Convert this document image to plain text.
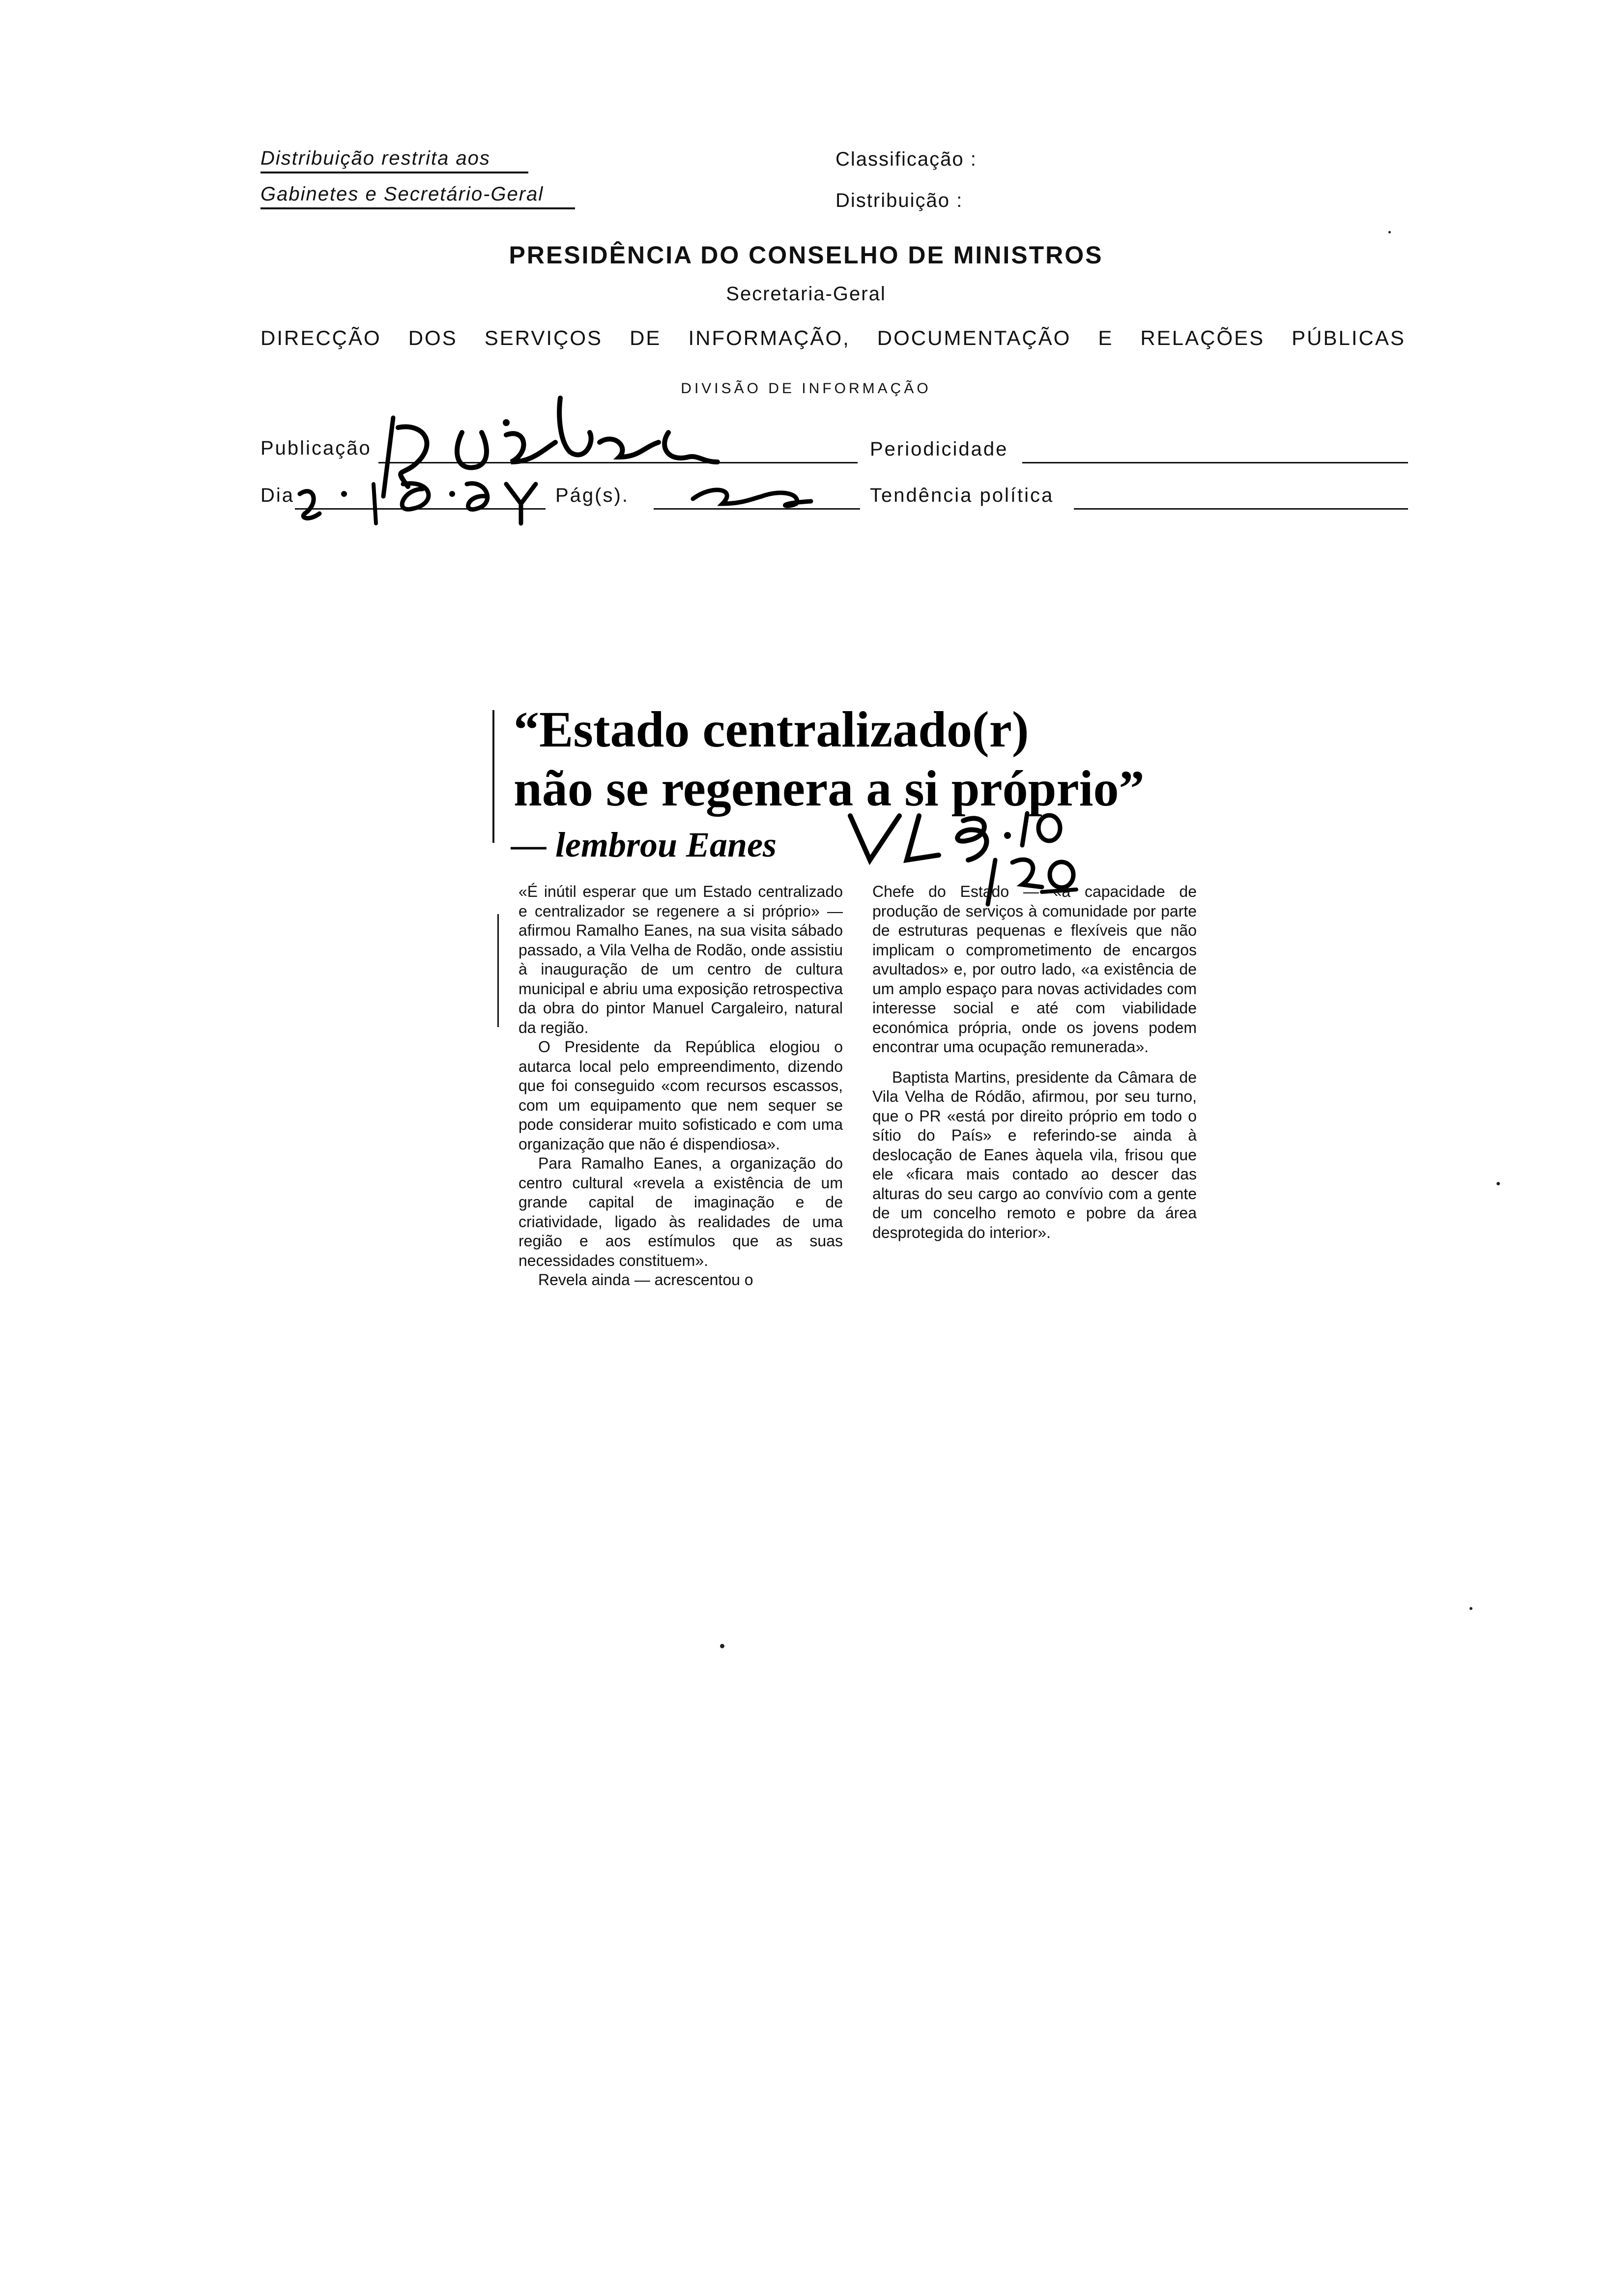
Distribuição restrita aos
Gabinetes e Secretário-Geral
Classificação :
Distribuição :
PRESIDÊNCIA DO CONSELHO DE MINISTROS
Secretaria-Geral
DIRECÇÃO DOS SERVIÇOS DE INFORMAÇÃO, DOCUMENTAÇÃO E RELAÇÕES PÚBLICAS
DIVISÃO DE INFORMAÇÃO
Publicação	Periodicidade
Dia	Pág(s).	Tendência política
“Estado centralizado(r)
não se regenera a si próprio”
— lembrou Eanes

«É inútil esperar que um Estado centralizado e centralizador se regenere a si próprio» — afirmou Ramalho Eanes, na sua visita sábado passado, a Vila Velha de Rodão, onde assistiu à inauguração de um centro de cultura municipal e abriu uma exposição retrospectiva da obra do pintor Manuel Cargaleiro, natural da região.

O Presidente da República elogiou o autarca local pelo empreendimento, dizendo que foi conseguido «com recursos escassos, com um equipamento que nem sequer se pode considerar muito sofisticado e com uma organização que não é dispendiosa».

Para Ramalho Eanes, a organização do centro cultural «revela a existência de um grande capital de imaginação e de criatividade, ligado às realidades de uma região e aos estímulos que as suas necessidades constituem».

Revela ainda — acrescentou o

Chefe do Estado — «a capacidade de produção de serviços à comunidade por parte de estruturas pequenas e flexíveis que não implicam o comprometimento de encargos avultados» e, por outro lado, «a existência de um amplo espaço para novas actividades com interesse social e até com viabilidade económica própria, onde os jovens podem encontrar uma ocupação remunerada».

Baptista Martins, presidente da Câmara de Vila Velha de Ródão, afirmou, por seu turno, que o PR «está por direito próprio em todo o sítio do País» e referindo-se ainda à deslocação de Eanes àquela vila, frisou que ele «ficara mais contado ao descer das alturas do seu cargo ao convívio com a gente de um concelho remoto e pobre da área desprotegida do interior».
